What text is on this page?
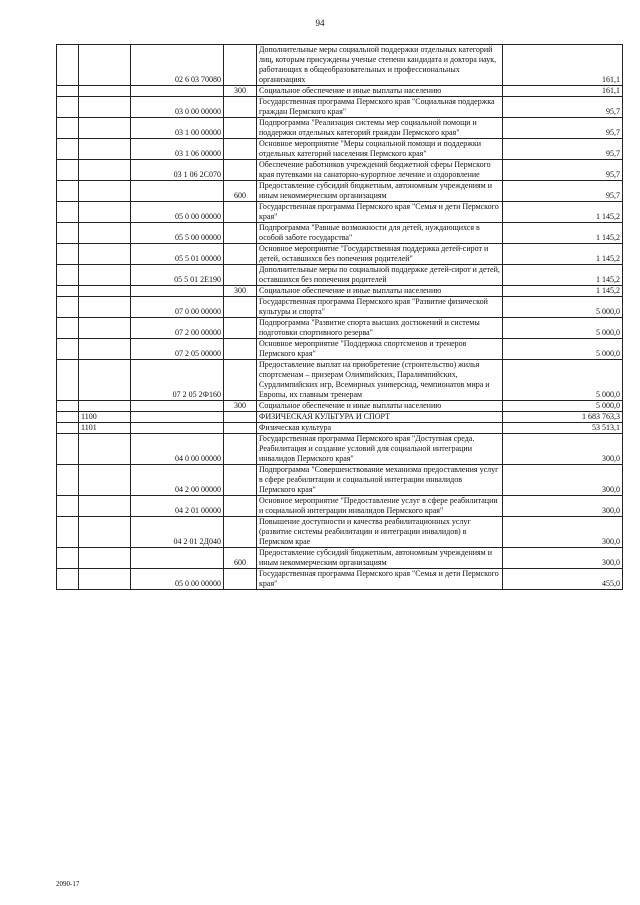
94
		02 6 03 70080		Дополнительные меры социальной поддержки отдельных категорий лиц, которым присуждены ученые степени кандидата и доктора наук, работающих в общеобразовательных и профессиональных организациях	161,1
			300	Социальное обеспечение и иные выплаты населению	161,1
		03 0 00 00000		Государственная программа Пермского края "Социальная поддержка граждан Пермского края"	95,7
		03 1 00 00000		Подпрограмма "Реализация системы мер социальной помощи и поддержки отдельных категорий граждан Пермского края"	95,7
		03 1 06 00000		Основное мероприятие "Меры социальной помощи и поддержки отдельных категорий населения Пермского края"	95,7
		03 1 06 2С070		Обеспечение работников учреждений бюджетной сферы Пермского края путевками на санаторно-курортное лечение и оздоровление	95,7
			600	Предоставление субсидий бюджетным, автономным учреждениям и иным некоммерческим организациям	95,7
		05 0 00 00000		Государственная программа Пермского края "Семья и дети Пермского края"	1 145,2
		05 5 00 00000		Подпрограмма "Равные возможности для детей, нуждающихся в особой заботе государства"	1 145,2
		05 5 01 00000		Основное мероприятие "Государственная поддержка детей-сирот и детей, оставшихся без попечения родителей"	1 145,2
		05 5 01 2Е190		Дополнительные меры по социальной поддержке детей-сирот и детей, оставшихся без попечения родителей	1 145,2
			300	Социальное обеспечение и иные выплаты населению	1 145,2
		07 0 00 00000		Государственная программа Пермского края "Развитие физической культуры и спорта"	5 000,0
		07 2 00 00000		Подпрограмма "Развитие спорта высших достижений и системы подготовки спортивного резерва"	5 000,0
		07 2 05 00000		Основное мероприятие "Поддержка спортсменов и тренеров Пермского края"	5 000,0
		07 2 05 2Ф160		Предоставление выплат на приобретение (строительство) жилья спортсменам – призерам Олимпийских, Паралимпийских, Сурдлимпийских игр, Всемирных универсиад, чемпионатов мира и Европы, их главным тренерам	5 000,0
			300	Социальное обеспечение и иные выплаты населению	5 000,0
	1100			ФИЗИЧЕСКАЯ КУЛЬТУРА И СПОРТ	1 683 763,3
	1101			Физическая культура	53 513,1
		04 0 00 00000		Государственная программа Пермского края "Доступная среда. Реабилитация и создание условий для социальной интеграции инвалидов Пермского края"	300,0
		04 2 00 00000		Подпрограмма "Совершенствование механизма предоставления услуг в сфере реабилитации и социальной интеграции инвалидов Пермского края"	300,0
		04 2 01 00000		Основное мероприятие "Предоставление услуг в сфере реабилитации и социальной интеграции инвалидов Пермского края"	300,0
		04 2 01 2Д040		Повышение доступности и качества реабилитационных услуг (развитие системы реабилитации и интеграции инвалидов) в Пермском крае	300,0
			600	Предоставление субсидий бюджетным, автономным учреждениям и иным некоммерческим организациям	300,0
		05 0 00 00000		Государственная программа Пермского края "Семья и дети Пермского края"	455,0
2090-17
